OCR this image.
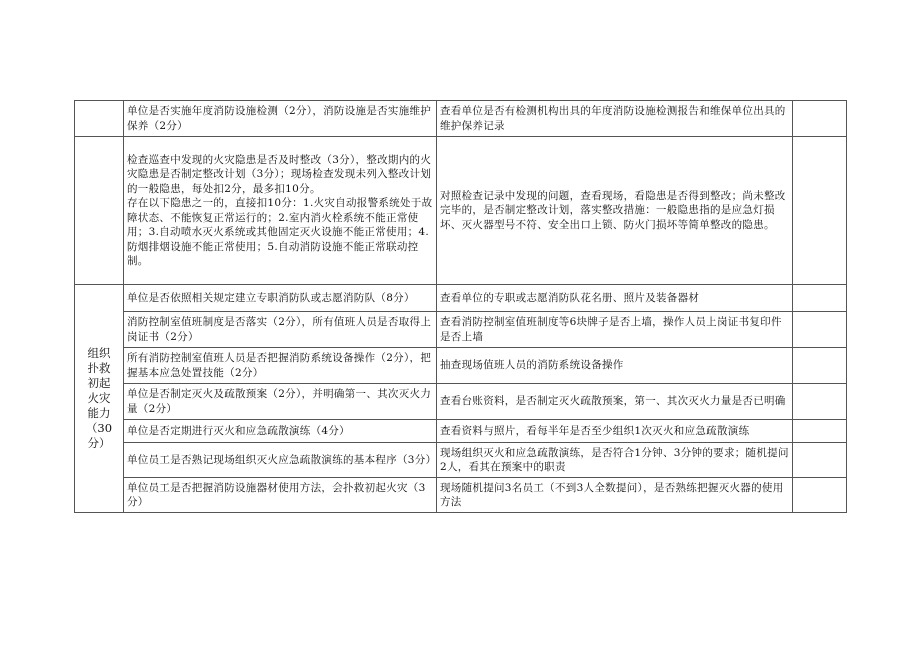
	单位是否实施年度消防设施检测（2分），消防设施是否实施维护保养（2分）	查看单位是否有检测机构出具的年度消防设施检测报告和维保单位出具的维护保养记录	

	检查巡查中发现的火灾隐患是否及时整改（3分），整改期内的火灾隐患是否制定整改计划（3分）；现场检查发现未列入整改计划的一般隐患，每处扣2分，最多扣10分。
存在以下隐患之一的，直接扣10分：1.火灾自动报警系统处于故障状态、不能恢复正常运行的；2.室内消火栓系统不能正常使用；3.自动喷水灭火系统或其他固定灭火设施不能正常使用；4.防烟排烟设施不能正常使用；5.自动消防设施不能正常联动控制。	对照检查记录中发现的问题，查看现场，看隐患是否得到整改；尚未整改完毕的，是否制定整改计划，落实整改措施：一般隐患指的是应急灯损坏、灭火器型号不符、安全出口上锁、防火门损坏等简单整改的隐患。	
组织扑救初起火灾能力（30分）	单位是否依照相关规定建立专职消防队或志愿消防队（8分）	查看单位的专职或志愿消防队花名册、照片及装备器材	
	消防控制室值班制度是否落实（2分），所有值班人员是否取得上岗证书（2分）	查看消防控制室值班制度等6块牌子是否上墙，操作人员上岗证书复印件是否上墙	
	所有消防控制室值班人员是否把握消防系统设备操作（2分），把握基本应急处置技能（2分）	抽查现场值班人员的消防系统设备操作	
	单位是否制定灭火及疏散预案（2分），并明确第一、其次灭火力量（2分）	查看台账资料，是否制定灭火疏散预案，第一、其次灭火力量是否已明确	
	单位是否定期进行灭火和应急疏散演练（4分）	查看资料与照片，看每半年是否至少组织1次灭火和应急疏散演练	
	单位员工是否熟记现场组织灭火应急疏散演练的基本程序（3分）	现场组织灭火和应急疏散演练，是否符合1分钟、3分钟的要求；随机提问2人，看其在预案中的职责	
	单位员工是否把握消防设施器材使用方法，会扑救初起火灾（3分）	现场随机提问3名员工（不到3人全数提问），是否熟练把握灭火器的使用方法	
